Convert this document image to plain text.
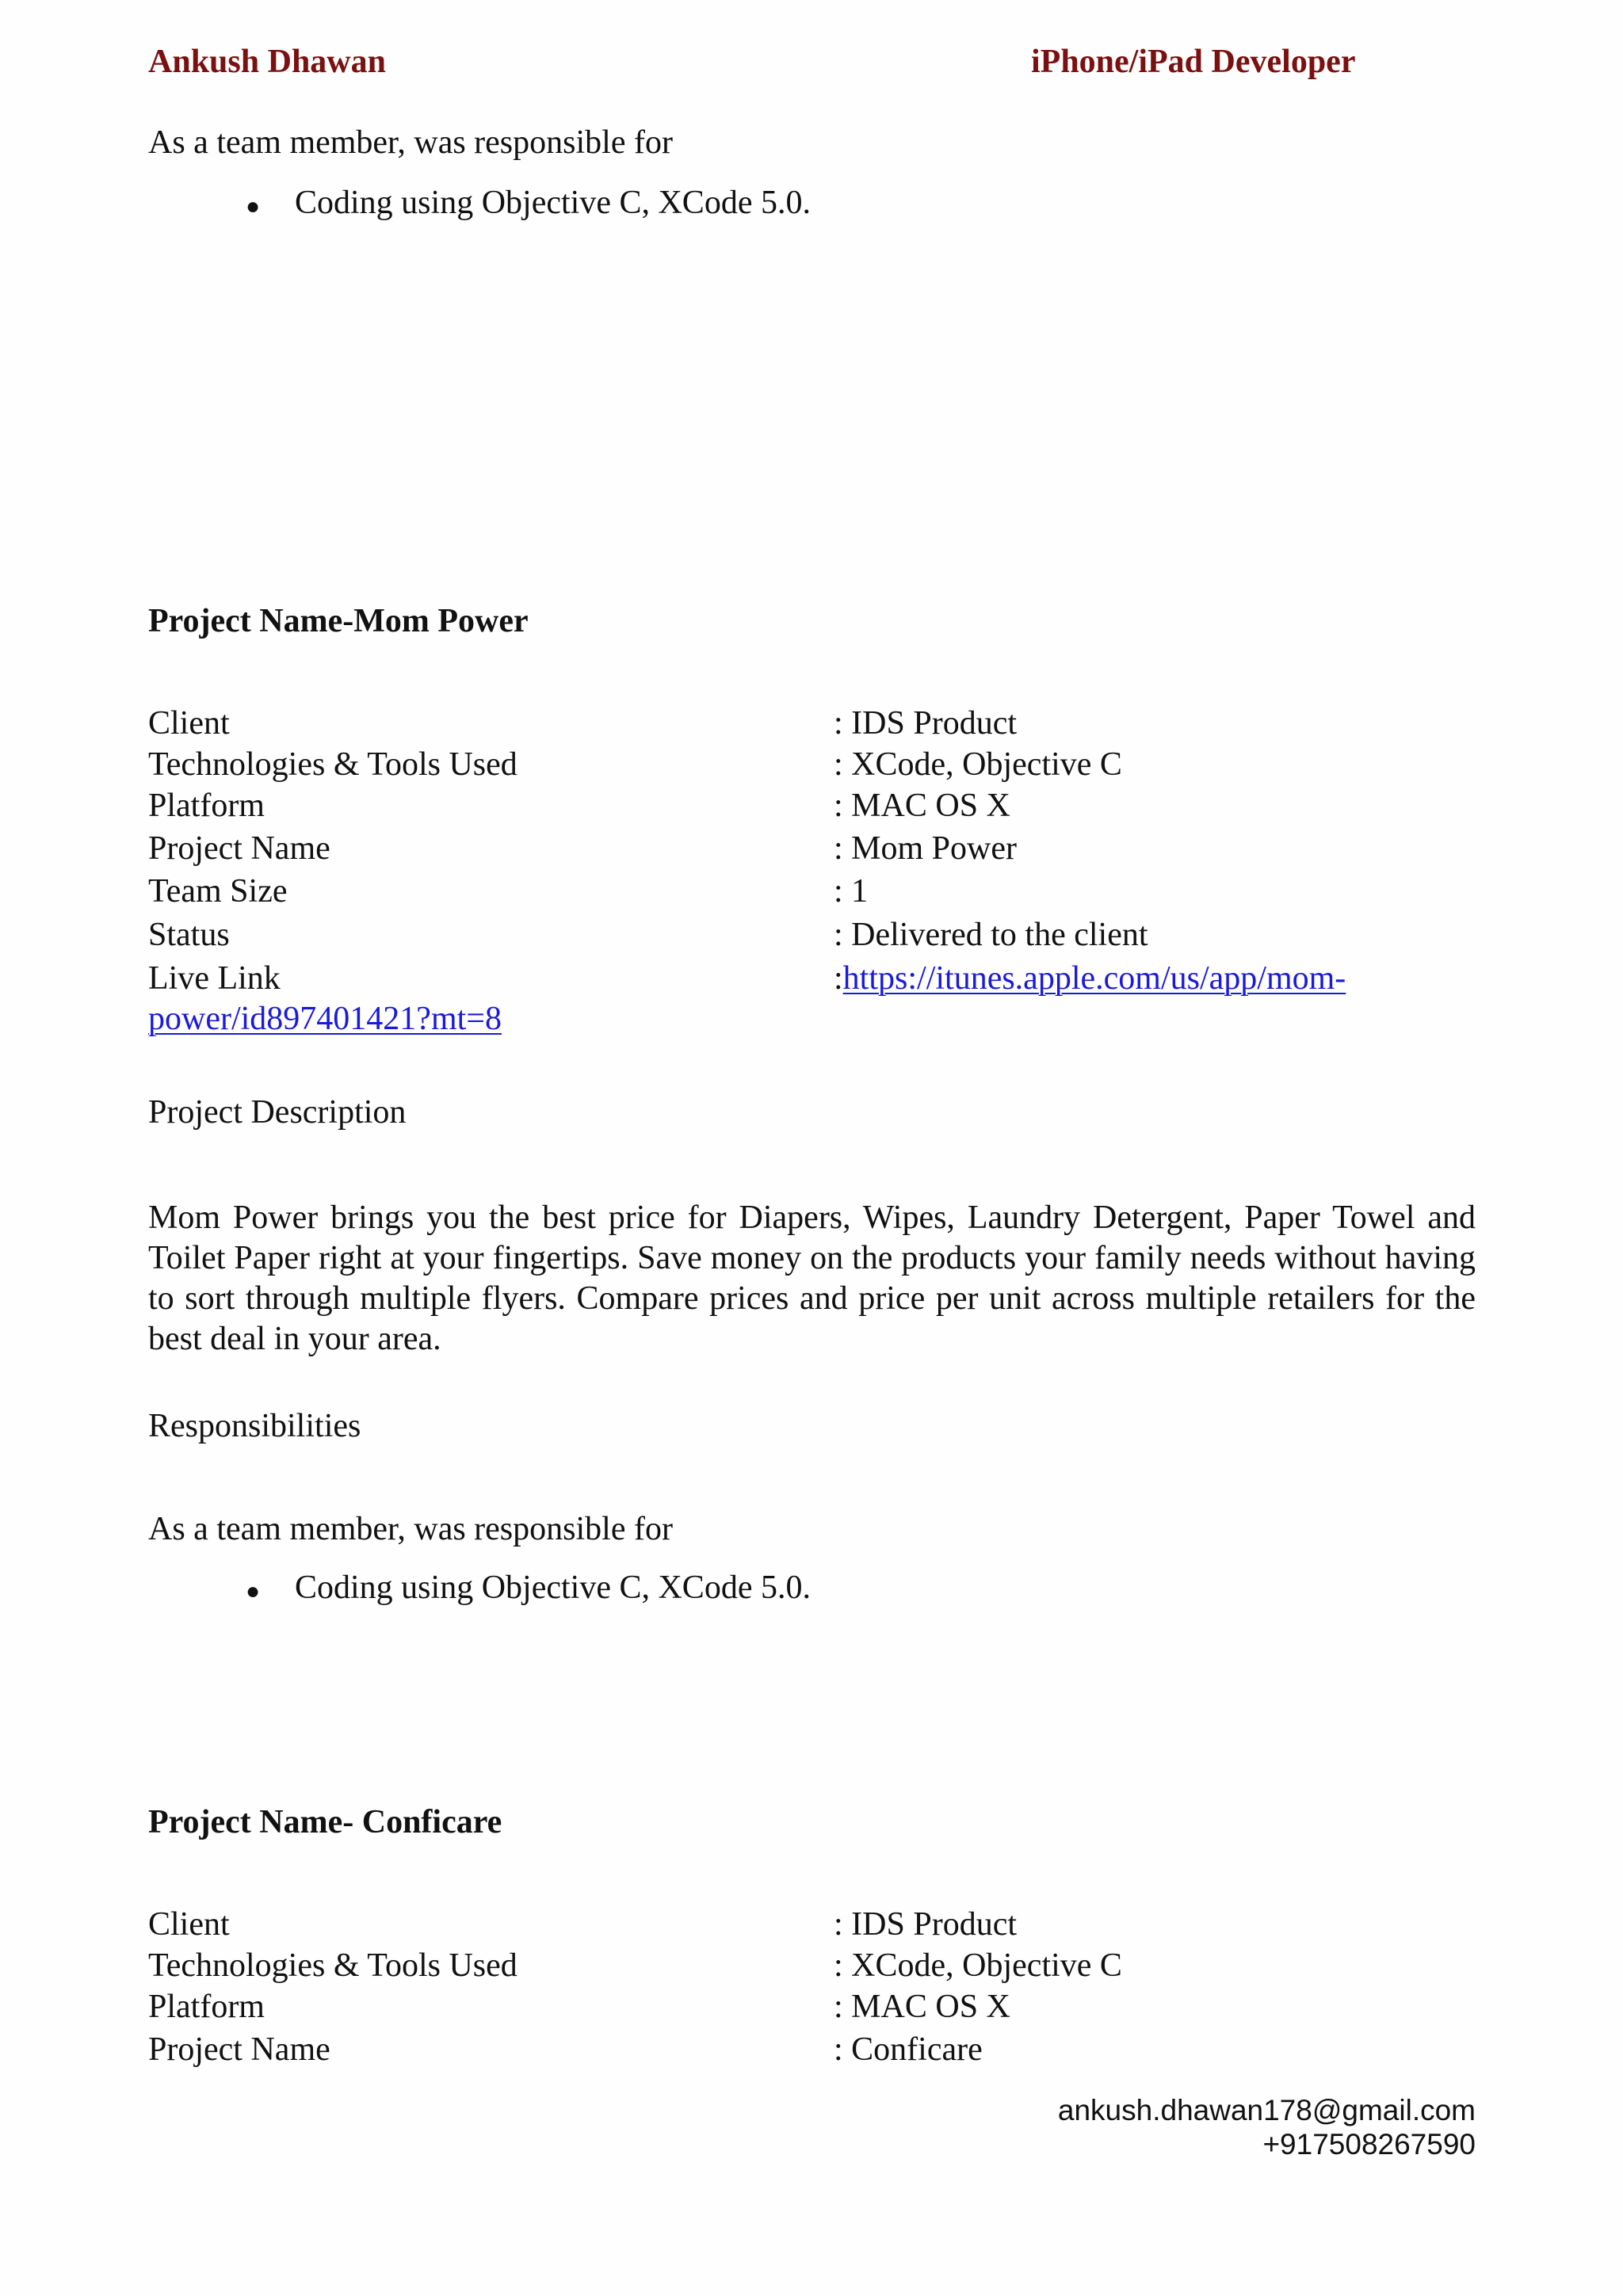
Ankush Dhawan	iPhone/iPad Developer
As a team member, was responsible for
● Coding using Objective C, XCode 5.0.
Project Name-Mom Power
Client	: IDS Product
Technologies & Tools Used	: XCode, Objective C
Platform	: MAC OS X
Project Name	: Mom Power
Team Size	: 1
Status	: Delivered to the client
Live Link	:https://itunes.apple.com/us/app/mom-
power/id897401421?mt=8
Project Description
Mom Power brings you the best price for Diapers, Wipes, Laundry Detergent, Paper Towel and Toilet Paper right at your fingertips. Save money on the products your family needs without having to sort through multiple flyers. Compare prices and price per unit across multiple retailers for the best deal in your area.
Responsibilities
As a team member, was responsible for
● Coding using Objective C, XCode 5.0.
Project Name- Conficare
Client	: IDS Product
Technologies & Tools Used	: XCode, Objective C
Platform	: MAC OS X
Project Name	: Conficare
ankush.dhawan178@gmail.com
+917508267590
